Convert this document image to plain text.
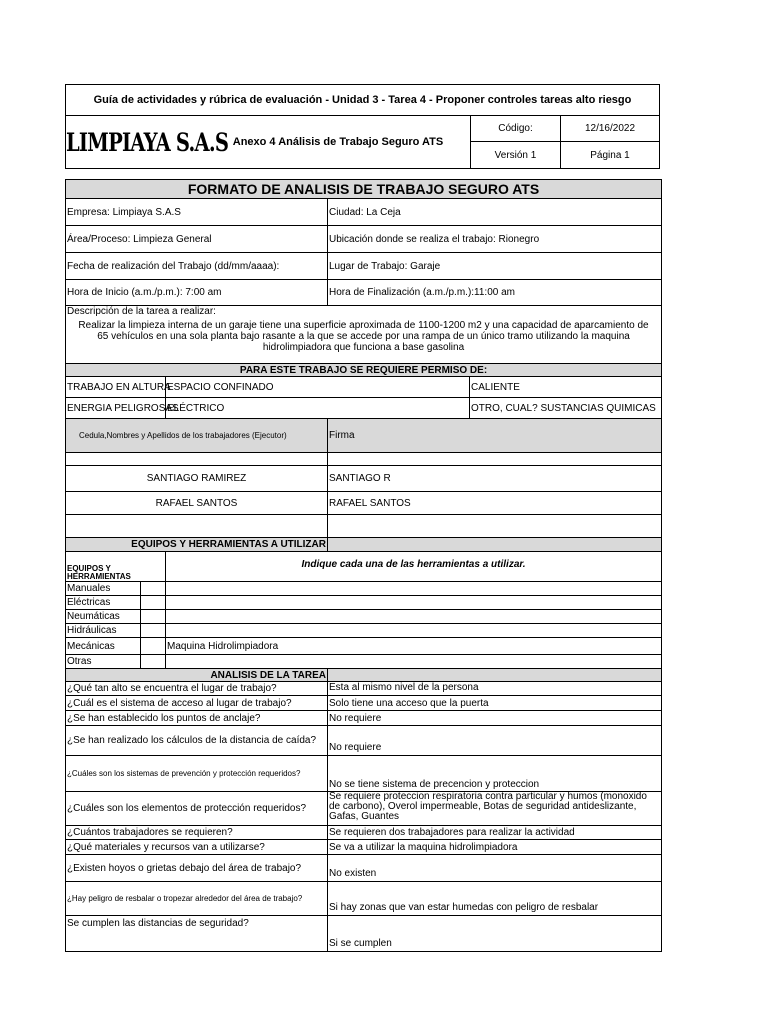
Guía de actividades y rúbrica de evaluación - Unidad 3 - Tarea 4 - Proponer controles tareas alto riesgo
LIMPIAYA S.A.S Anexo 4 Análisis de Trabajo Seguro ATS
Código:	12/16/2022
Versión 1	Página 1
FORMATO DE ANALISIS DE TRABAJO SEGURO ATS				
Empresa: Limpiaya S.A.S			Ciudad: La Ceja	
Área/Proceso: Limpieza General			Ubicación donde se realiza el trabajo: Rionegro	
Fecha de realización del Trabajo (dd/mm/aaaa):			Lugar de Trabajo: Garaje	
Hora de Inicio (a.m./p.m.): 7:00 am			Hora de Finalización (a.m./p.m.):11:00 am	

Descripción de la tarea a realizar:
Realizar la limpieza interna de un garaje tiene una superficie aproximada de 1100-1200 m2 y una capacidad de aparcamiento de 65 vehículos en una sola planta bajo rasante a la que se accede por una rampa de un único tramo utilizando la maquina hidrolimpiadora que funciona a base gasolina				

PARA ESTE TRABAJO SE REQUIERE PERMISO DE:				
TRABAJO EN ALTURA		ESPACIO CONFINADO		CALIENTE
ENERGIA PELIGROSAS		ELÉCTRICO		OTRO, CUAL? SUSTANCIAS QUIMICAS
Cedula,Nombres y Apellidos de los trabajadores (Ejecutor)			Firma	

SANTIAGO RAMIREZ			SANTIAGO R	
RAFAEL SANTOS			RAFAEL SANTOS	

EQUIPOS Y HERRAMIENTAS A UTILIZAR				
EQUIPOS Y HERRAMIENTAS		Indique cada una de las herramientas a utilizar.		
Manuales				
Eléctricas				
Neumáticas				
Hidráulicas				
Mecánicas		Maquina Hidrolimpiadora		
Otras				
ANALISIS DE LA TAREA				
¿Qué tan alto se encuentra el lugar de trabajo?			Esta al mismo nivel de la persona	
¿Cuál es el sistema de acceso al lugar de trabajo?			Solo tiene una acceso que la puerta	
¿Se han establecido los puntos de anclaje?			No requiere	
¿Se han realizado los cálculos de la distancia de caída?			No requiere	
¿Cuáles son los sistemas de prevención y protección requeridos?			No se tiene sistema de precencion y proteccion	
¿Cuáles son los elementos de protección requeridos?			Se requiere proteccion respiratoria contra particular y humos (monoxido de carbono), Overol impermeable, Botas de seguridad antideslizante, Gafas, Guantes	
¿Cuántos trabajadores se requieren?			Se requieren dos trabajadores para realizar la actividad	
¿Qué materiales y recursos van a utilizarse?			Se va a utilizar la maquina hidrolimpiadora	
¿Existen hoyos o grietas debajo del área de trabajo?			No existen	
¿Hay peligro de resbalar o tropezar alrededor del área de trabajo?			Si hay zonas que van estar humedas con peligro de resbalar	
Se cumplen las distancias de seguridad?			Si se cumplen	
